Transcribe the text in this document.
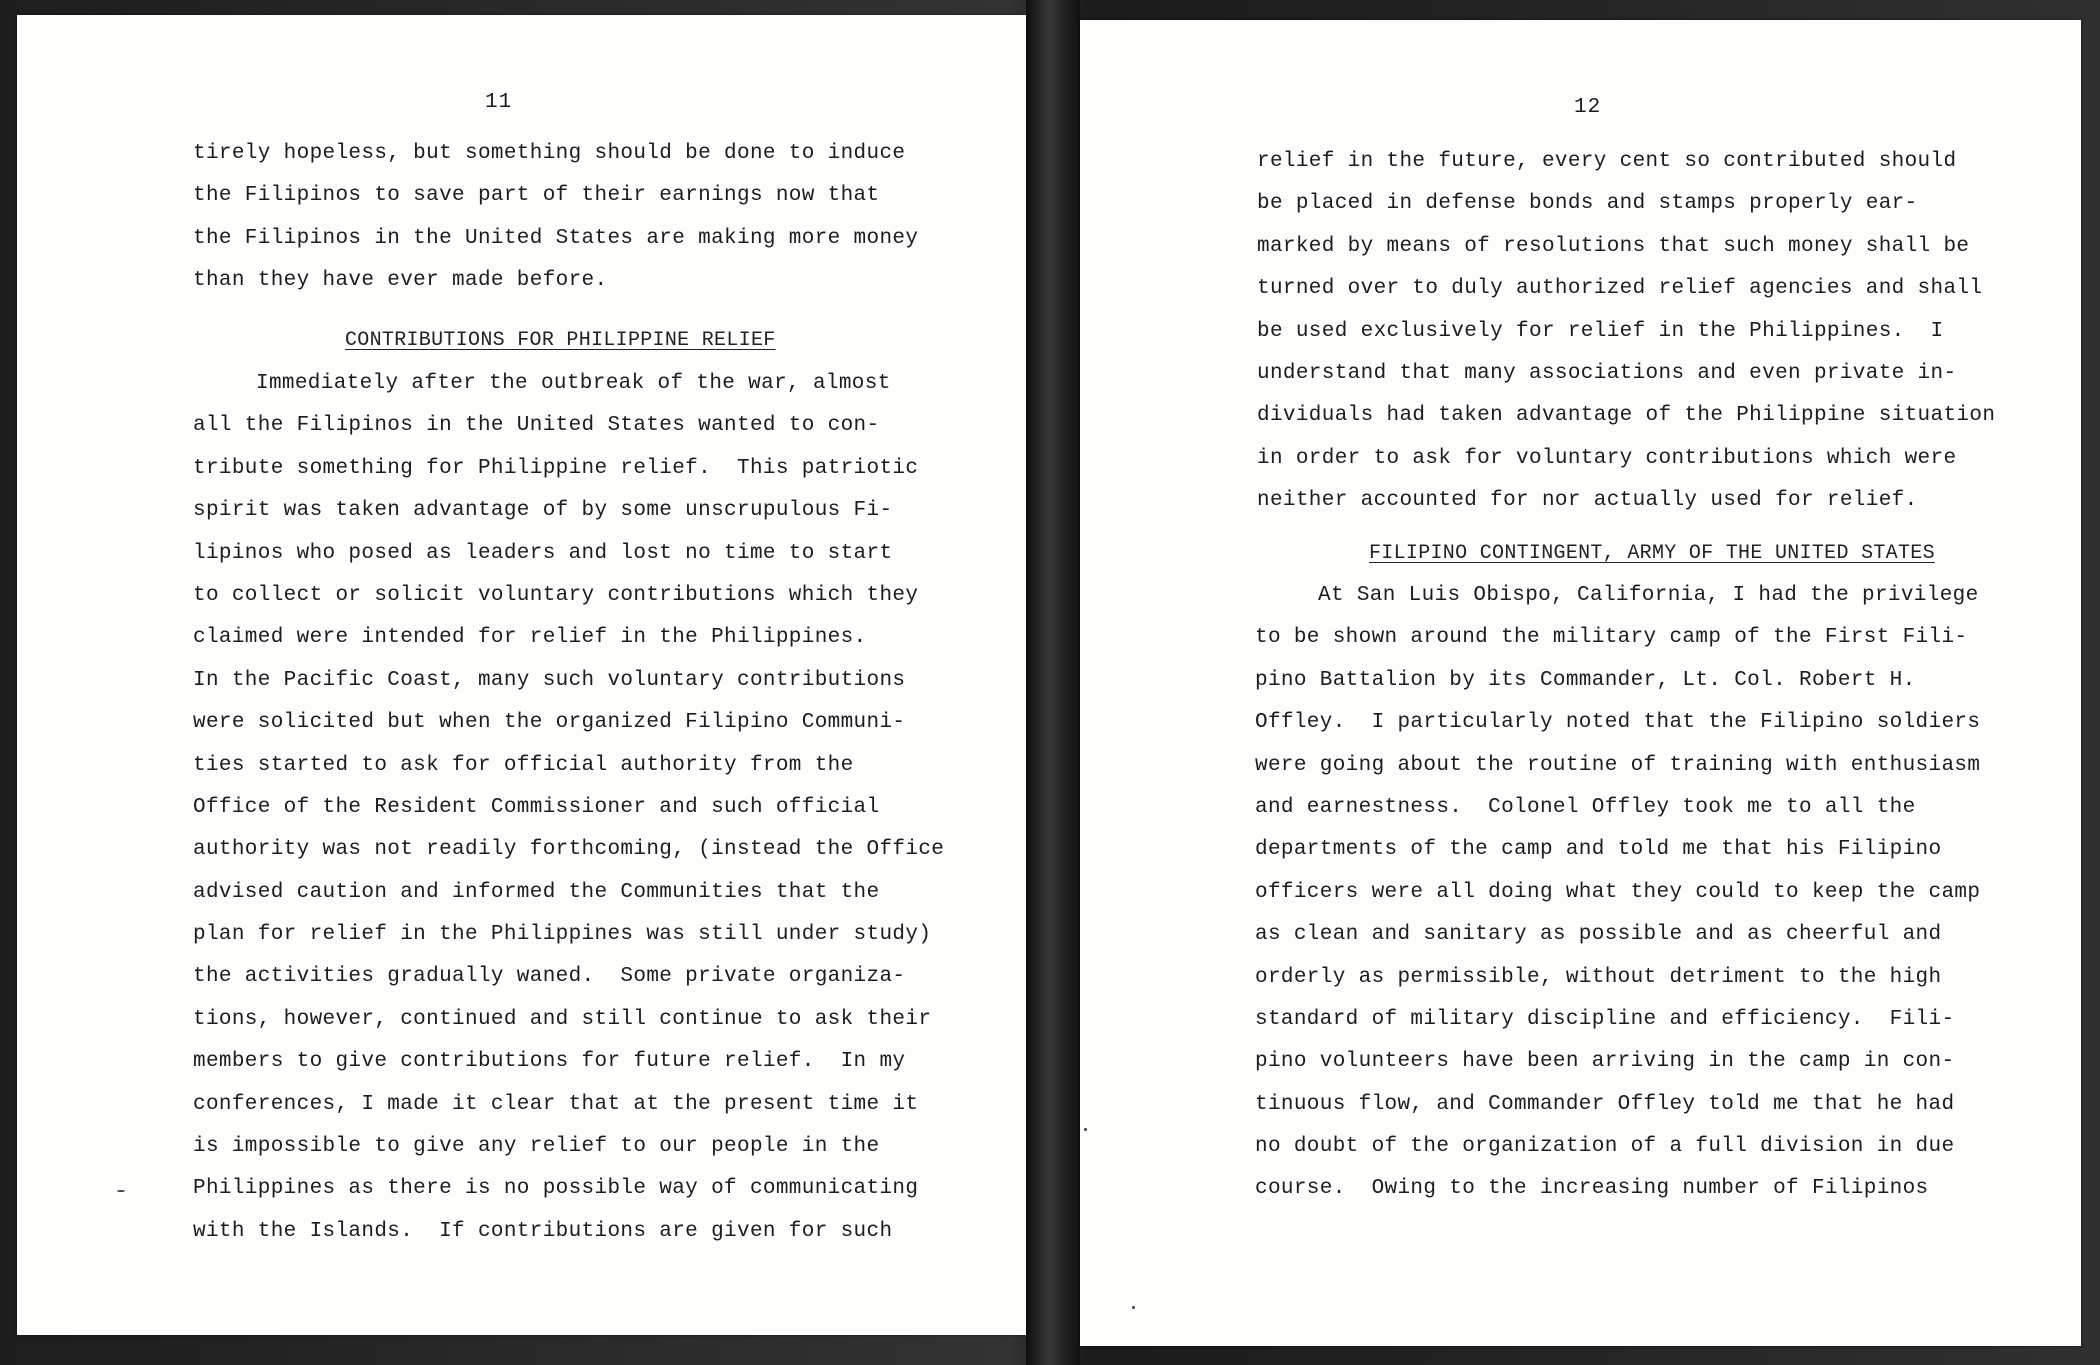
11
tirely hopeless, but something should be done to induce
the Filipinos to save part of their earnings now that
the Filipinos in the United States are making more money
than they have ever made before.
CONTRIBUTIONS FOR PHILIPPINE RELIEF
Immediately after the outbreak of the war, almost
all the Filipinos in the United States wanted to con-
tribute something for Philippine relief.  This patriotic
spirit was taken advantage of by some unscrupulous Fi-
lipinos who posed as leaders and lost no time to start
to collect or solicit voluntary contributions which they
claimed were intended for relief in the Philippines.
In the Pacific Coast, many such voluntary contributions
were solicited but when the organized Filipino Communi-
ties started to ask for official authority from the
Office of the Resident Commissioner and such official
authority was not readily forthcoming, (instead the Office
advised caution and informed the Communities that the
plan for relief in the Philippines was still under study)
the activities gradually waned.  Some private organiza-
tions, however, continued and still continue to ask their
members to give contributions for future relief.  In my
conferences, I made it clear that at the present time it
is impossible to give any relief to our people in the
Philippines as there is no possible way of communicating
with the Islands.  If contributions are given for such
12
relief in the future, every cent so contributed should
be placed in defense bonds and stamps properly ear-
marked by means of resolutions that such money shall be
turned over to duly authorized relief agencies and shall
be used exclusively for relief in the Philippines.  I
understand that many associations and even private in-
dividuals had taken advantage of the Philippine situation
in order to ask for voluntary contributions which were
neither accounted for nor actually used for relief.
FILIPINO CONTINGENT, ARMY OF THE UNITED STATES
At San Luis Obispo, California, I had the privilege
to be shown around the military camp of the First Fili-
pino Battalion by its Commander, Lt. Col. Robert H.
Offley.  I particularly noted that the Filipino soldiers
were going about the routine of training with enthusiasm
and earnestness.  Colonel Offley took me to all the
departments of the camp and told me that his Filipino
officers were all doing what they could to keep the camp
as clean and sanitary as possible and as cheerful and
orderly as permissible, without detriment to the high
standard of military discipline and efficiency.  Fili-
pino volunteers have been arriving in the camp in con-
tinuous flow, and Commander Offley told me that he had
no doubt of the organization of a full division in due
course.  Owing to the increasing number of Filipinos
